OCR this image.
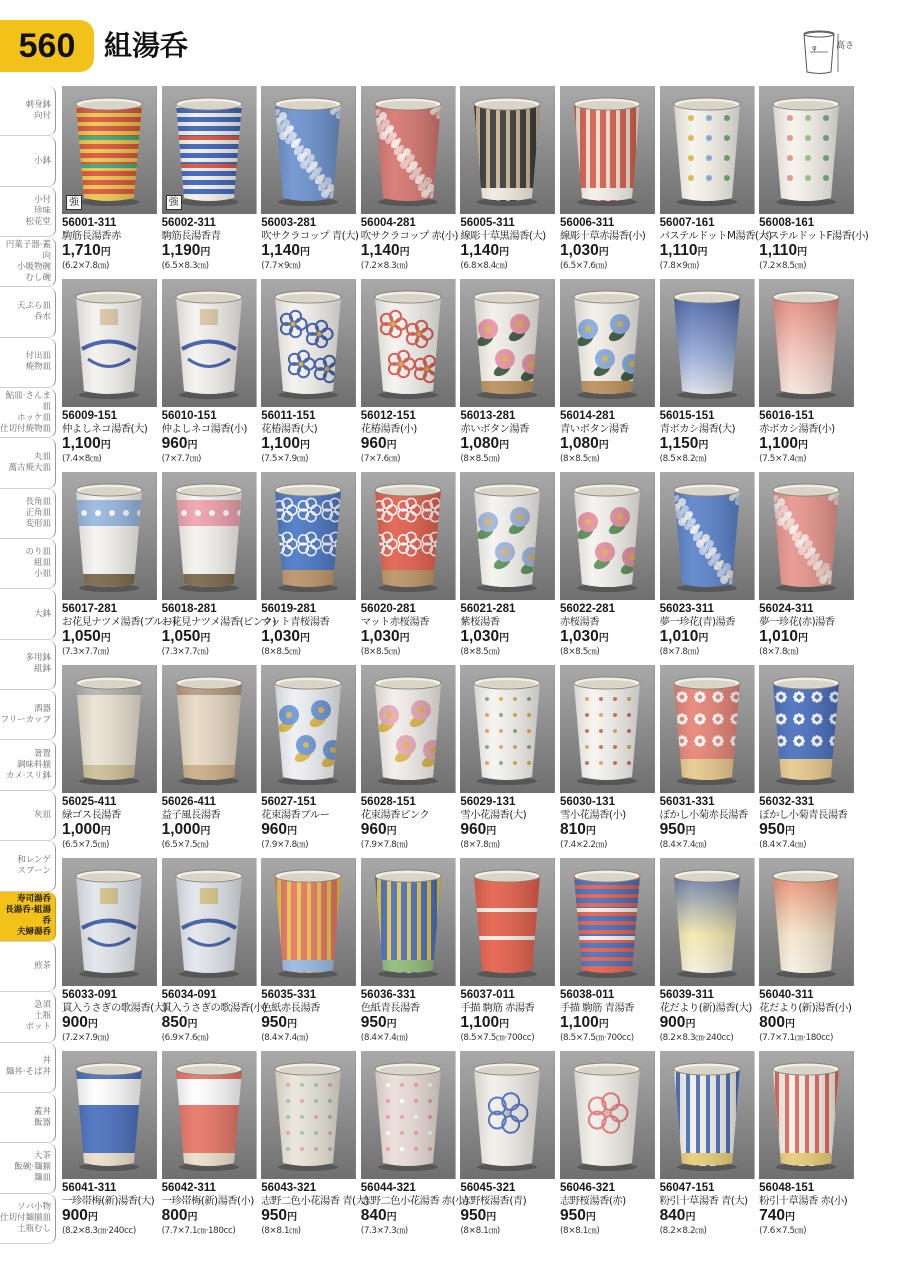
560	組湯呑	φ 高さ
刺身鉢
向付
小鉢
小付
珍味
松花堂
円菓子器·蓋向
小吸物碗
むし碗
天ぷら皿
呑水
付出皿
焼物皿
鮎皿·さんま皿
ホッケ皿
仕切付焼物皿
丸皿
萬古焼大皿
長角皿
正角皿
変形皿
のり皿
組皿
小皿
大鉢
多用鉢
組鉢
酒器
フリーカップ
箸置
調味料揃
カメ·スリ鉢
灰皿
和レンゲ
スプーン
寿司湯呑
長湯呑·組湯呑
夫婦湯呑
煎茶
急須
土瓶
ポット
丼
麺丼·そば丼
蓋丼
飯器
大茶
飯碗·麺揃
麺皿
ソバ小物
仕切付麺揃皿
土瓶むし
強
56001-311
駒筋長湯香赤
1,710円
(6.2×7.8㎝)
強
56002-311
駒筋長湯香青
1,190円
(6.5×8.3㎝)
56003-281
吹サクラコップ 青(大)
1,140円
(7.7×9㎝)
56004-281
吹サクラコップ 赤(小)
1,140円
(7.2×8.3㎝)
56005-311
線彫十草黒湯香(大)
1,140円
(6.8×8.4㎝)
56006-311
線彫十草赤湯香(小)
1,030円
(6.5×7.6㎝)
56007-161
パステルドットM湯香(大)
1,110円
(7.8×9㎝)
56008-161
パステルドットF湯香(小)
1,110円
(7.2×8.5㎝)
56009-151
仲よしネコ湯香(大)
1,100円
(7.4×8㎝)
56010-151
仲よしネコ湯香(小)
960円
(7×7.7㎝)
56011-151
花椿湯香(大)
1,100円
(7.5×7.9㎝)
56012-151
花椿湯香(小)
960円
(7×7.6㎝)
56013-281
赤いボタン湯香
1,080円
(8×8.5㎝)
56014-281
青いボタン湯香
1,080円
(8×8.5㎝)
56015-151
青ボカシ湯香(大)
1,150円
(8.5×8.2㎝)
56016-151
赤ボカシ湯香(小)
1,100円
(7.5×7.4㎝)
56017-281
お花見ナツメ湯香(ブルー)
1,050円
(7.3×7.7㎝)
56018-281
お花見ナツメ湯香(ピンク)
1,050円
(7.3×7.7㎝)
56019-281
マット青桜湯香
1,030円
(8×8.5㎝)
56020-281
マット赤桜湯香
1,030円
(8×8.5㎝)
56021-281
紫桜湯香
1,030円
(8×8.5㎝)
56022-281
赤桜湯香
1,030円
(8×8.5㎝)
56023-311
夢一珍花(青)湯香
1,010円
(8×7.8㎝)
56024-311
夢一珍花(赤)湯香
1,010円
(8×7.8㎝)
56025-411
緑ゴス長湯香
1,000円
(6.5×7.5㎝)
56026-411
益子風長湯香
1,000円
(6.5×7.5㎝)
56027-151
花束湯香ブルー
960円
(7.9×7.8㎝)
56028-151
花束湯香ピンク
960円
(7.9×7.8㎝)
56029-131
雪小花湯香(大)
960円
(8×7.8㎝)
56030-131
雪小花湯香(小)
810円
(7.4×2.2㎝)
56031-331
ぼかし小菊赤長湯香
950円
(8.4×7.4㎝)
56032-331
ぼかし小菊青長湯香
950円
(8.4×7.4㎝)
56033-091
貫入うさぎの歌湯香(大)
900円
(7.2×7.9㎝)
56034-091
貫入うさぎの歌湯香(小)
850円
(6.9×7.6㎝)
56035-331
色紙赤長湯香
950円
(8.4×7.4㎝)
56036-331
色紙青長湯香
950円
(8.4×7.4㎝)
56037-011
手描 駒筋 赤湯香
1,100円
(8.5×7.5㎝·700cc)
56038-011
手描 駒筋 青湯香
1,100円
(8.5×7.5㎝·700cc)
56039-311
花だより(新)湯香(大)
900円
(8.2×8.3㎝·240cc)
56040-311
花だより(新)湯香(小)
800円
(7.7×7.1㎝·180cc)
56041-311
一珍帯梅(新)湯香(大)
900円
(8.2×8.3㎝·240cc)
56042-311
一珍帯梅(新)湯香(小)
800円
(7.7×7.1㎝·180cc)
56043-321
志野二色小花湯香 青(大)
950円
(8×8.1㎝)
56044-321
志野二色小花湯香 赤(小)
840円
(7.3×7.3㎝)
56045-321
志野桜湯香(青)
950円
(8×8.1㎝)
56046-321
志野桜湯香(赤)
950円
(8×8.1㎝)
56047-151
粉引十草湯香 青(大)
840円
(8.2×8.2㎝)
56048-151
粉引十草湯香 赤(小)
740円
(7.6×7.5㎝)
